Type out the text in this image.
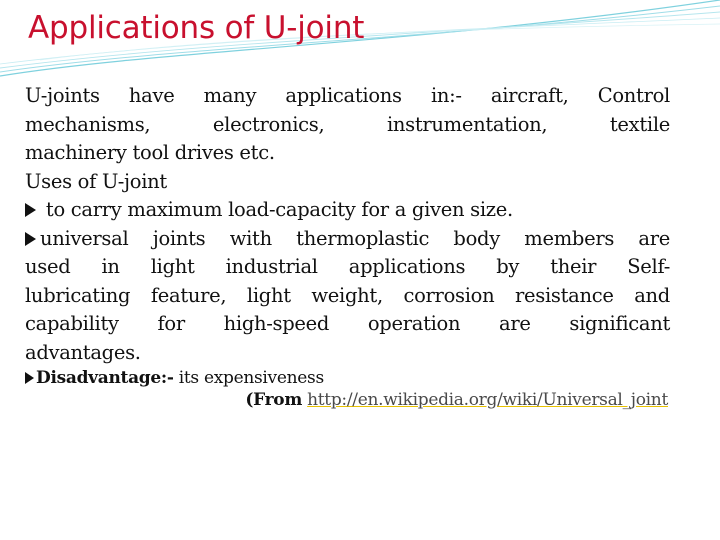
Applications of U-joint

U-joints have many applications in:- aircraft, Control

mechanisms, electronics, instrumentation, textile

machinery tool drives etc.

Uses of U-joint

to carry maximum load-capacity for a given size.

universal joints with thermoplastic body members are

used in light industrial applications by their Self-

lubricating feature, light weight, corrosion resistance and

capability for high-speed operation are significant

advantages.

Disadvantage:- its expensiveness

(From http://en.wikipedia.org/wiki/Universal_joint
